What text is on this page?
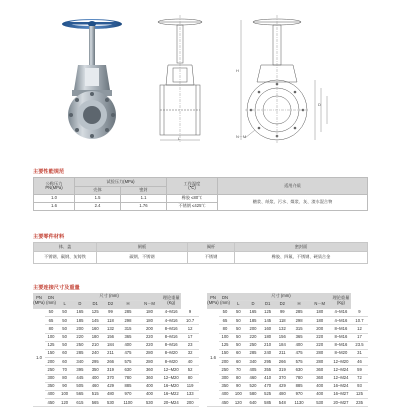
L
H
D
N－M
主要性能规范
公称压力
PN(MPa)	试验压力(MPa)		工作温度
(℃)	适用介质
	壳体	密封		
1.0	1.5	1.1	橡胶 ≤80℃	糖浆、纸浆、污水、煤浆、灰、渣水混合物
1.6	2.4	1.76	不锈钢 ≤425℃	
主要零件材料
体、盖	闸板	阀杆	密封面
不锈钢、碳钢、灰铸铁	碳钢、不锈钢	不锈钢	橡胶、四氟、不锈钢、硬质合金
主要连接尺寸及重量
PN
(MPa)	DN
(mm)	尺寸 (mm)						理论重量
(Kg)	
		L	D	D1	D2	H	N－M		
1.0	50	50	165	125	99	285	180	4–M16	9
	65	50	185	145	118	298	180	4–M16	10.7
	80	50	200	160	132	315	200	8–M16	12
	100	50	220	180	156	365	220	8–M16	17
	125	50	250	210	184	400	220	8–M16	23
	150	60	285	240	211	475	280	8–M20	32
	200	60	340	295	266	575	280	8–M20	40
	250	70	395	350	319	630	360	12–M20	52
	300	80	445	400	370	780	360	12–M20	80
	350	90	505	460	429	885	400	16–M20	119
	400	100	565	515	480	970	400	16–M22	133
	450	120	615	565	530	1100	530	20–M24	200
PN
(MPa)	DN
(mm)	尺寸 (mm)						理论重量
(Kg)	
		L	D	D1	D2	H	N－M		
1.6	50	50	165	125	99	285	180	4–M16	9
	65	50	185	145	118	298	180	4–M16	10.7
	80	50	200	160	132	315	200	8–M16	12
	100	50	220	180	156	365	220	8–M16	17
	125	50	250	210	184	400	220	8–M16	23.5
	150	60	285	240	211	475	280	8–M20	31
	200	60	340	295	266	575	280	12–M20	46
	250	70	405	355	319	630	360	12–M24	59
	300	80	460	410	370	780	360	12–M24	72
	350	90	520	470	429	885	400	16–M24	93
	400	100	580	525	480	970	400	16–M27	125
	450	120	640	585	548	1130	530	20–M27	235
